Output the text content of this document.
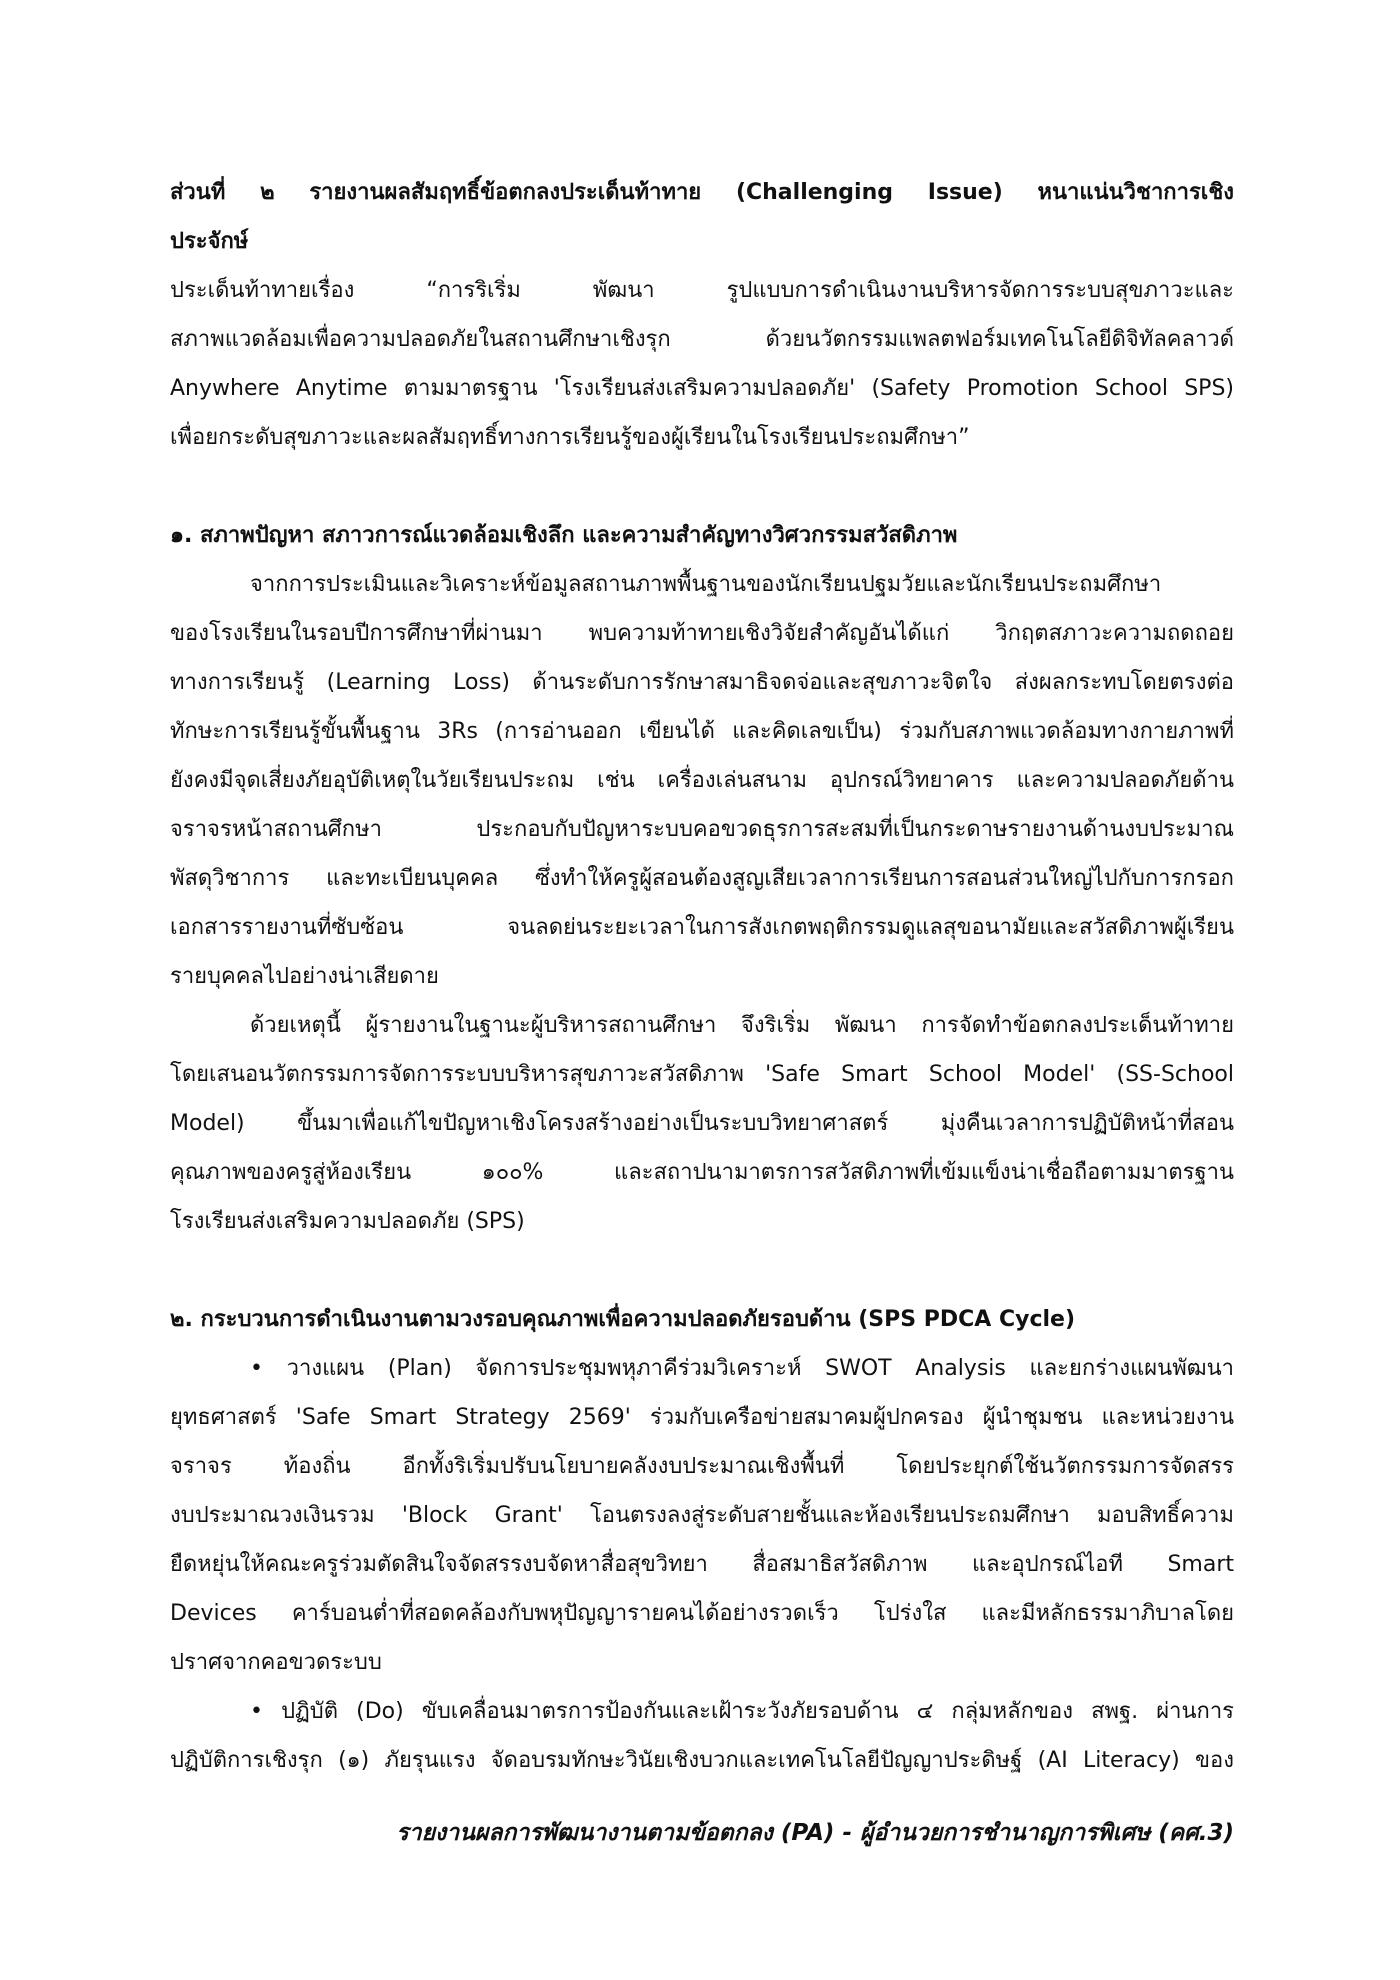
ส่วนที่ ๒ รายงานผลสัมฤทธิ์ข้อตกลงประเด็นท้าทาย (Challenging Issue) หนาแน่นวิชาการเชิง
ประจักษ์
ประเด็นท้าทายเรื่อง “การริเริ่ม พัฒนา รูปแบบการดำเนินงานบริหารจัดการระบบสุขภาวะและ
สภาพแวดล้อมเพื่อความปลอดภัยในสถานศึกษาเชิงรุก ด้วยนวัตกรรมแพลตฟอร์มเทคโนโลยีดิจิทัลคลาวด์
Anywhere Anytime ตามมาตรฐาน 'โรงเรียนส่งเสริมความปลอดภัย' (Safety Promotion School SPS)
เพื่อยกระดับสุขภาวะและผลสัมฤทธิ์ทางการเรียนรู้ของผู้เรียนในโรงเรียนประถมศึกษา”
๑. สภาพปัญหา สภาวการณ์แวดล้อมเชิงลึก และความสำคัญทางวิศวกรรมสวัสดิภาพ
จากการประเมินและวิเคราะห์ข้อมูลสถานภาพพื้นฐานของนักเรียนปฐมวัยและนักเรียนประถมศึกษา
ของโรงเรียนในรอบปีการศึกษาที่ผ่านมา พบความท้าทายเชิงวิจัยสำคัญอันได้แก่ วิกฤตสภาวะความถดถอย
ทางการเรียนรู้ (Learning Loss) ด้านระดับการรักษาสมาธิจดจ่อและสุขภาวะจิตใจ ส่งผลกระทบโดยตรงต่อ
ทักษะการเรียนรู้ขั้นพื้นฐาน 3Rs (การอ่านออก เขียนได้ และคิดเลขเป็น) ร่วมกับสภาพแวดล้อมทางกายภาพที่
ยังคงมีจุดเสี่ยงภัยอุบัติเหตุในวัยเรียนประถม เช่น เครื่องเล่นสนาม อุปกรณ์วิทยาคาร และความปลอดภัยด้าน
จราจรหน้าสถานศึกษา ประกอบกับปัญหาระบบคอขวดธุรการสะสมที่เป็นกระดาษรายงานด้านงบประมาณ
พัสดุวิชาการ และทะเบียนบุคคล ซึ่งทำให้ครูผู้สอนต้องสูญเสียเวลาการเรียนการสอนส่วนใหญ่ไปกับการกรอก
เอกสารรายงานที่ซับซ้อน จนลดย่นระยะเวลาในการสังเกตพฤติกรรมดูแลสุขอนามัยและสวัสดิภาพผู้เรียน
รายบุคคลไปอย่างน่าเสียดาย
ด้วยเหตุนี้ ผู้รายงานในฐานะผู้บริหารสถานศึกษา จึงริเริ่ม พัฒนา การจัดทำข้อตกลงประเด็นท้าทาย
โดยเสนอนวัตกรรมการจัดการระบบบริหารสุขภาวะสวัสดิภาพ 'Safe Smart School Model' (SS-School
Model) ขึ้นมาเพื่อแก้ไขปัญหาเชิงโครงสร้างอย่างเป็นระบบวิทยาศาสตร์ มุ่งคืนเวลาการปฏิบัติหน้าที่สอน
คุณภาพของครูสู่ห้องเรียน ๑๐๐% และสถาปนามาตรการสวัสดิภาพที่เข้มแข็งน่าเชื่อถือตามมาตรฐาน
โรงเรียนส่งเสริมความปลอดภัย (SPS)
๒. กระบวนการดำเนินงานตามวงรอบคุณภาพเพื่อความปลอดภัยรอบด้าน (SPS PDCA Cycle)
• วางแผน (Plan) จัดการประชุมพหุภาคีร่วมวิเคราะห์ SWOT Analysis และยกร่างแผนพัฒนา
ยุทธศาสตร์ 'Safe Smart Strategy 2569' ร่วมกับเครือข่ายสมาคมผู้ปกครอง ผู้นำชุมชน และหน่วยงาน
จราจร ท้องถิ่น อีกทั้งริเริ่มปรับนโยบายคลังงบประมาณเชิงพื้นที่ โดยประยุกต์ใช้นวัตกรรมการจัดสรร
งบประมาณวงเงินรวม 'Block Grant' โอนตรงลงสู่ระดับสายชั้นและห้องเรียนประถมศึกษา มอบสิทธิ์ความ
ยืดหยุ่นให้คณะครูร่วมตัดสินใจจัดสรรงบจัดหาสื่อสุขวิทยา สื่อสมาธิสวัสดิภาพ และอุปกรณ์ไอที Smart
Devices คาร์บอนต่ำที่สอดคล้องกับพหุปัญญารายคนได้อย่างรวดเร็ว โปร่งใส และมีหลักธรรมาภิบาลโดย
ปราศจากคอขวดระบบ
• ปฏิบัติ (Do) ขับเคลื่อนมาตรการป้องกันและเฝ้าระวังภัยรอบด้าน ๔ กลุ่มหลักของ สพฐ. ผ่านการ
ปฏิบัติการเชิงรุก (๑) ภัยรุนแรง จัดอบรมทักษะวินัยเชิงบวกและเทคโนโลยีปัญญาประดิษฐ์ (AI Literacy) ของ
รายงานผลการพัฒนางานตามข้อตกลง (PA) - ผู้อำนวยการชำนาญการพิเศษ (คศ.3)
